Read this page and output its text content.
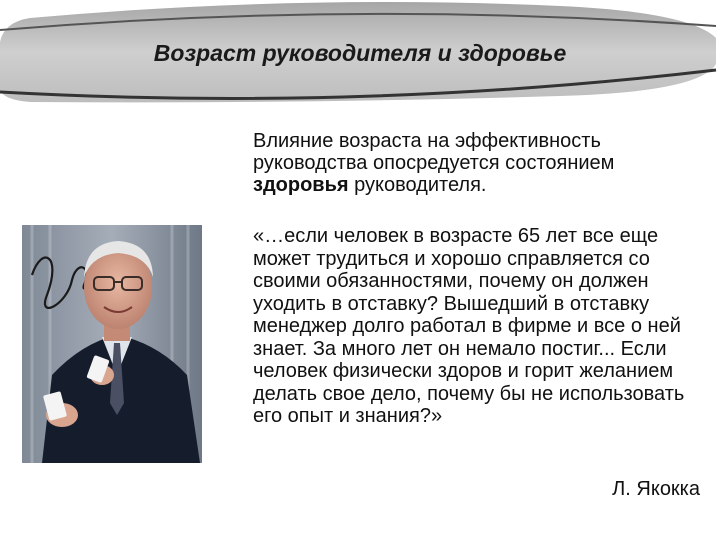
Возраст руководителя и здоровье
Влияние возраста на эффективность руководства опосредуется состоянием здоровья руководителя.
«…если человек в возрасте 65 лет все еще может трудиться и хорошо справляется со своими обязанностями, почему он должен уходить в отставку? Вышедший в отставку менеджер долго работал в фирме и все о ней знает. За много лет он немало постиг... Если человек физически здоров и горит желанием делать свое дело, почему бы не использовать его опыт и знания?»
Л. Якокка
